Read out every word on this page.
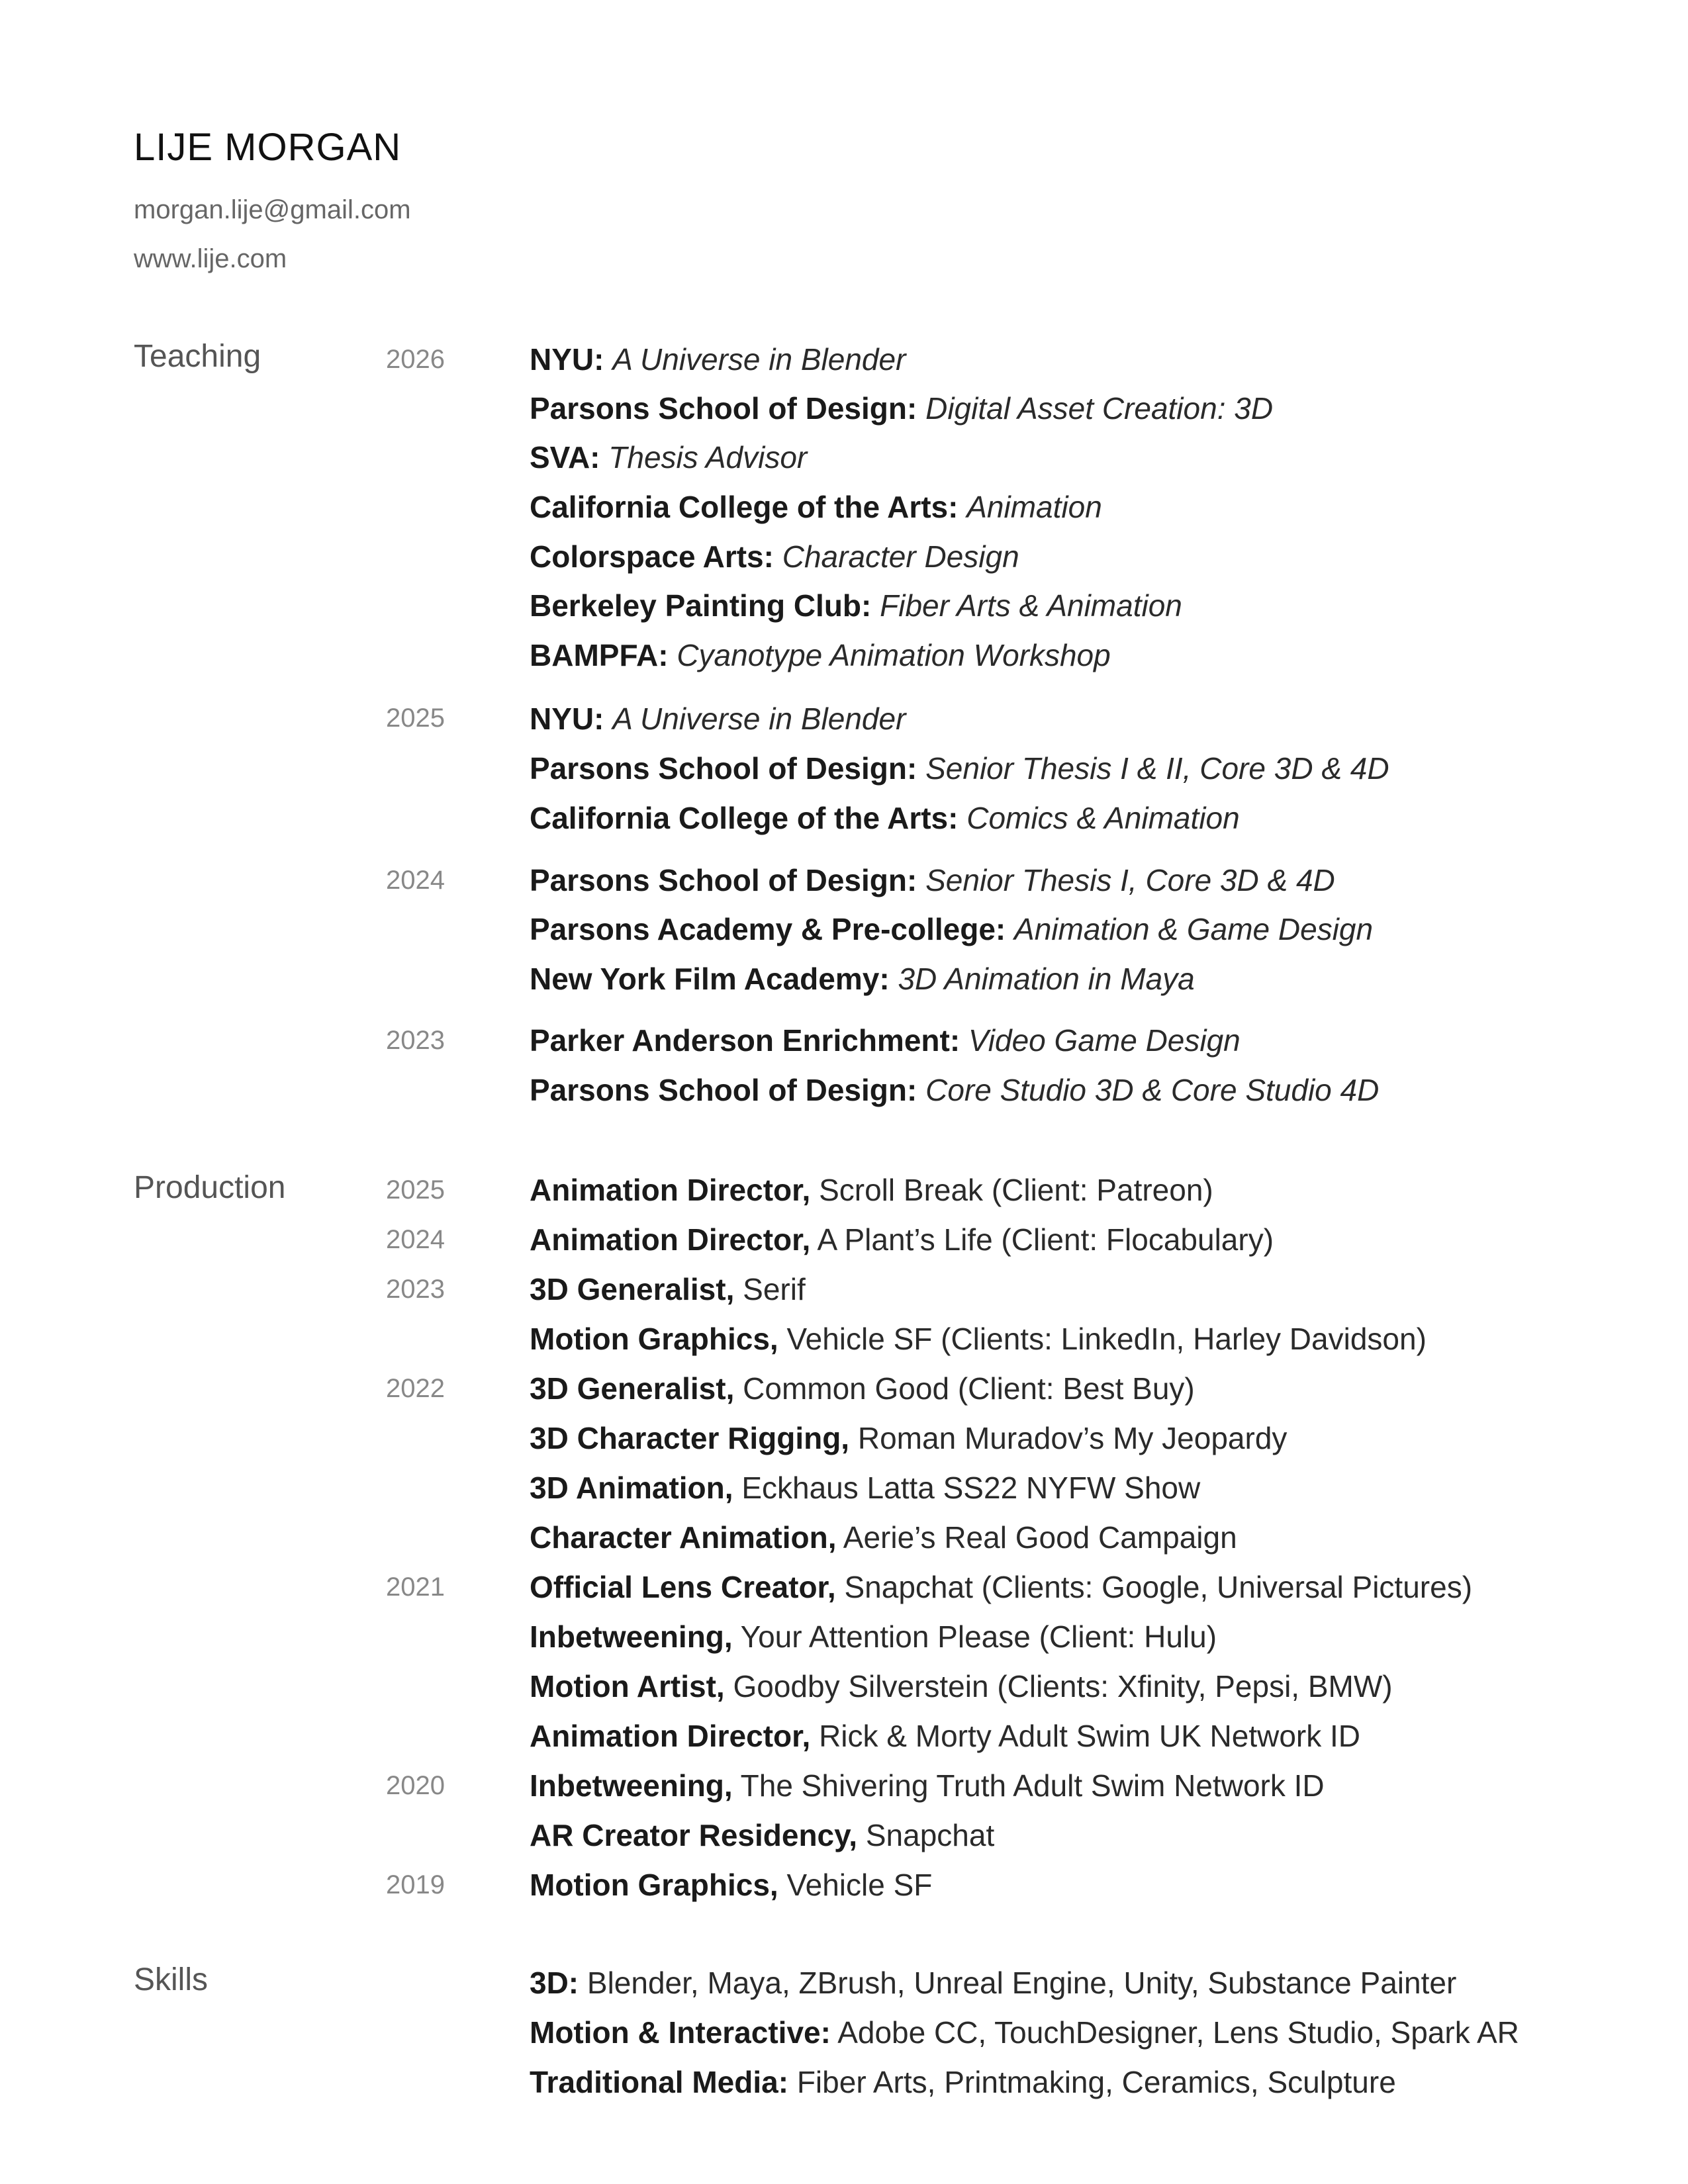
LIJE MORGAN
morgan.lije@gmail.com
www.lije.com
Teaching	2026	NYU: A Universe in Blender
Parsons School of Design: Digital Asset Creation: 3D
SVA: Thesis Advisor
California College of the Arts: Animation
Colorspace Arts: Character Design
Berkeley Painting Club: Fiber Arts & Animation
BAMPFA: Cyanotype Animation Workshop
2025	NYU: A Universe in Blender
Parsons School of Design: Senior Thesis I & II, Core 3D & 4D
California College of the Arts: Comics & Animation
2024	Parsons School of Design: Senior Thesis I, Core 3D & 4D
Parsons Academy & Pre-college: Animation & Game Design
New York Film Academy: 3D Animation in Maya
2023	Parker Anderson Enrichment: Video Game Design
Parsons School of Design: Core Studio 3D & Core Studio 4D
Production	2025	Animation Director, Scroll Break (Client: Patreon)
2024	Animation Director, A Plant’s Life (Client: Flocabulary)
2023	3D Generalist, Serif
Motion Graphics, Vehicle SF (Clients: LinkedIn, Harley Davidson)
2022	3D Generalist, Common Good (Client: Best Buy)
3D Character Rigging, Roman Muradov’s My Jeopardy
3D Animation, Eckhaus Latta SS22 NYFW Show
Character Animation, Aerie’s Real Good Campaign
2021	Official Lens Creator, Snapchat (Clients: Google, Universal Pictures)
Inbetweening, Your Attention Please (Client: Hulu)
Motion Artist, Goodby Silverstein (Clients: Xfinity, Pepsi, BMW)
Animation Director, Rick & Morty Adult Swim UK Network ID
2020	Inbetweening, The Shivering Truth Adult Swim Network ID
AR Creator Residency, Snapchat
2019	Motion Graphics, Vehicle SF
Skills	3D: Blender, Maya, ZBrush, Unreal Engine, Unity, Substance Painter
Motion & Interactive: Adobe CC, TouchDesigner, Lens Studio, Spark AR
Traditional Media: Fiber Arts, Printmaking, Ceramics, Sculpture
